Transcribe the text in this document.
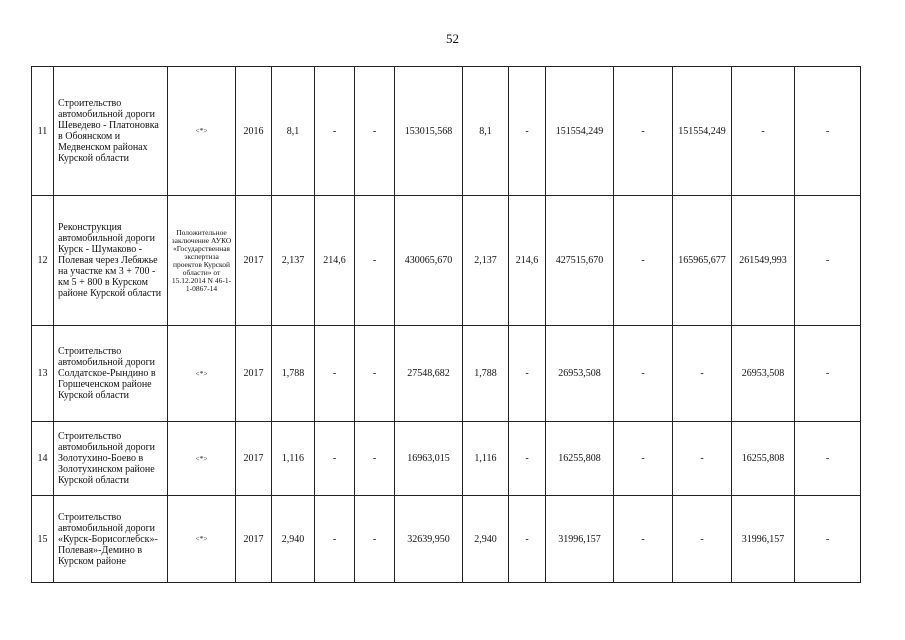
52
11	Строительство автомобильной дороги Шеведево - Платоновка в Обоянском и Медвенском районах Курской области	<*>	2016	8,1	-	-	153015,568	8,1	-	151554,249	-	151554,249	-	-
12	Реконструкция автомобильной дороги Курск - Шумаково - Полевая через Лебяжье на участке км 3 + 700 - км 5 + 800 в Курском районе Курской области	Положительное заключение АУКО «Государственная экспертиза проектов Курской области» от 15.12.2014 N 46-1-1-0867-14	2017	2,137	214,6	-	430065,670	2,137	214,6	427515,670	-	165965,677	261549,993	-
13	Строительство автомобильной дороги Солдатское-Рындино в Горшеченском районе Курской области	<*>	2017	1,788	-	-	27548,682	1,788	-	26953,508	-	-	26953,508	-
14	Строительство автомобильной дороги Золотухино-Боево в Золотухинском районе Курской области	<*>	2017	1,116	-	-	16963,015	1,116	-	16255,808	-	-	16255,808	-
15	Строительство автомобильной дороги «Курск-Борисоглебск»-Полевая»-Демино в Курском районе	<*>	2017	2,940	-	-	32639,950	2,940	-	31996,157	-	-	31996,157	-
